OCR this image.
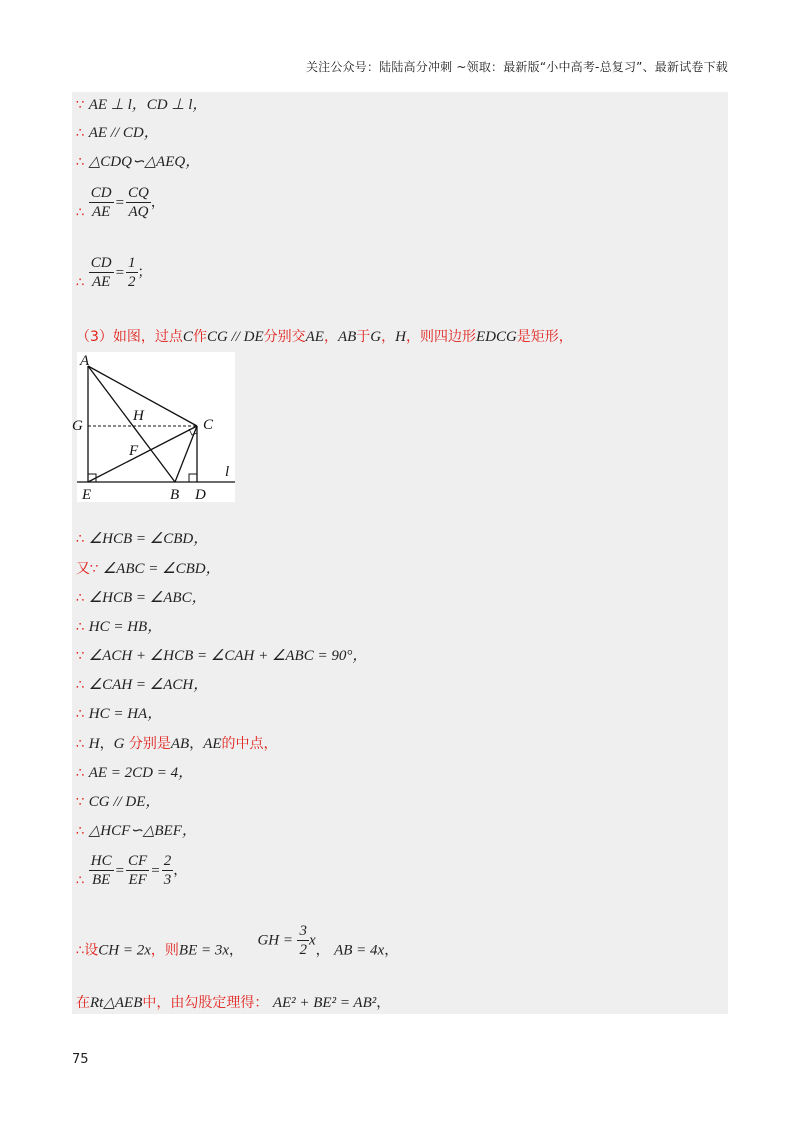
关注公众号：陆陆高分冲刺 ~领取：最新版“小中高考-总复习”、最新试卷下载
∵ AE ⊥ l，CD ⊥ l，
∴ AE // CD，
∴ △CDQ∽△AEQ，
∴ $\frac{CD}{AE} = \frac{CQ}{AQ}$ ，
∴ $\frac{CD}{AE} = \frac{1}{2}$ ；
（3）如图，过点C作CG // DE分别交AE，AB于G，H，则四边形EDCG是矩形，
∴ ∠HCB = ∠CBD，
又∵ ∠ABC = ∠CBD，
∴ ∠HCB = ∠ABC，
∴ HC = HB，
∵ ∠ACH + ∠HCB = ∠CAH + ∠ABC = 90°，
∴ ∠CAH = ∠ACH，
∴ HC = HA，
∴ H，G 分别是AB，AE的中点，
∴ AE = 2CD = 4，
∵ CG // DE，
∴ △HCF∽△BEF，
∴ $\frac{HC}{BE} = \frac{CF}{EF} = \frac{2}{3}$ ，
∴设CH = 2x，则BE = 3x， GH = $\frac{3}{2}$ x， AB = 4x，
在Rt△AEB中，由勾股定理得： AE² + BE² = AB²，
A
G
H
C
F
E	B D
l
75
